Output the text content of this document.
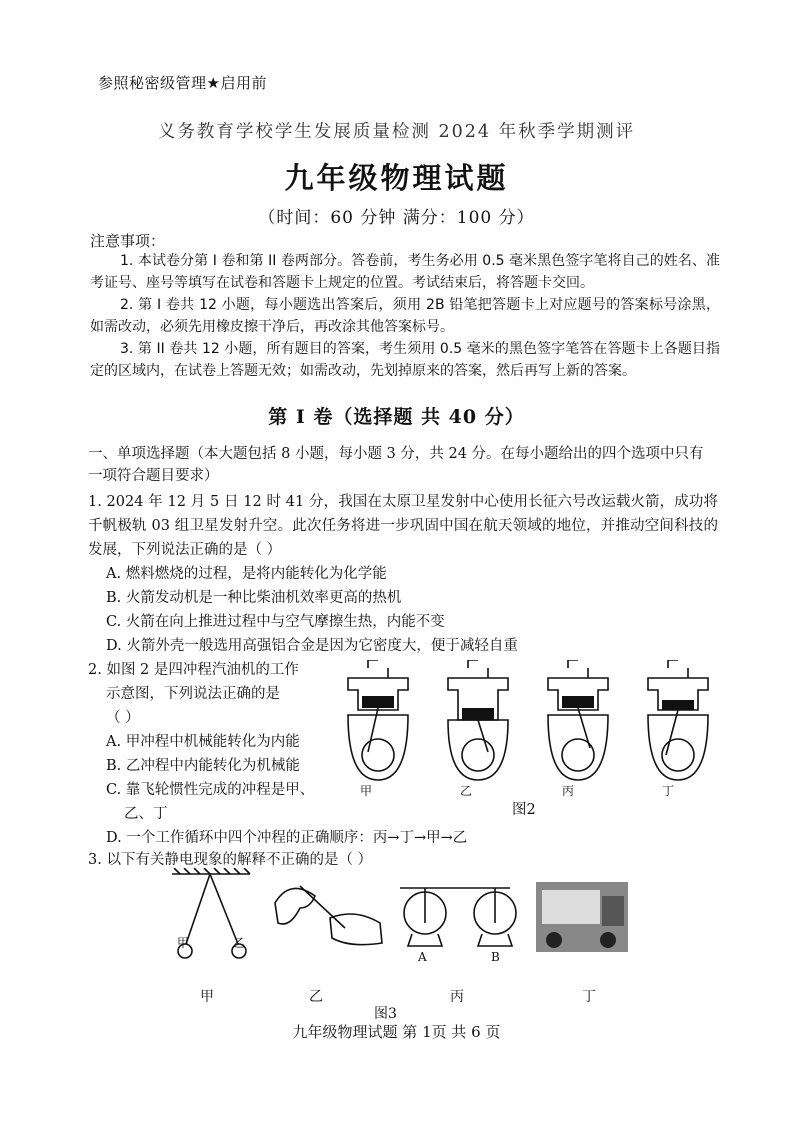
参照秘密级管理★启用前
义务教育学校学生发展质量检测 2024 年秋季学期测评
九年级物理试题
（时间：60 分钟 满分：100 分）
注意事项：
1. 本试卷分第 I 卷和第 II 卷两部分。答卷前，考生务必用 0.5 毫米黑色签字笔将自己的姓名、准考证号、座号等填写在试卷和答题卡上规定的位置。考试结束后，将答题卡交回。
2. 第 I 卷共 12 小题，每小题选出答案后，须用 2B 铅笔把答题卡上对应题号的答案标号涂黑，如需改动，必须先用橡皮擦干净后，再改涂其他答案标号。
3. 第 II 卷共 12 小题，所有题目的答案，考生须用 0.5 毫米的黑色签字笔答在答题卡上各题目指定的区域内，在试卷上答题无效；如需改动，先划掉原来的答案，然后再写上新的答案。
第 I 卷（选择题 共 40 分）
一、单项选择题（本大题包括 8 小题，每小题 3 分，共 24 分。在每小题给出的四个选项中只有一项符合题目要求）
1. 2024 年 12 月 5 日 12 时 41 分，我国在太原卫星发射中心使用长征六号改运载火箭，成功将千帆极轨 03 组卫星发射升空。此次任务将进一步巩固中国在航天领域的地位，并推动空间科技的发展，下列说法正确的是（ ）
A. 燃料燃烧的过程，是将内能转化为化学能
B. 火箭发动机是一种比柴油机效率更高的热机
C. 火箭在向上推进过程中与空气摩擦生热，内能不变
D. 火箭外壳一般选用高强铝合金是因为它密度大，便于减轻自重
2. 如图 2 是四冲程汽油机的工作
示意图，下列说法正确的是
（ ）
A. 甲冲程中机械能转化为内能
B. 乙冲程中内能转化为机械能
C. 靠飞轮惯性完成的冲程是甲、
乙、丁
D. 一个工作循环中四个冲程的正确顺序：丙→丁→甲→乙
甲	乙	丙	丁
图2
3. 以下有关静电现象的解释不正确的是（ ）
甲	乙
A	B
甲	乙	丙	丁
图3
九年级物理试题 第 1页 共 6 页
